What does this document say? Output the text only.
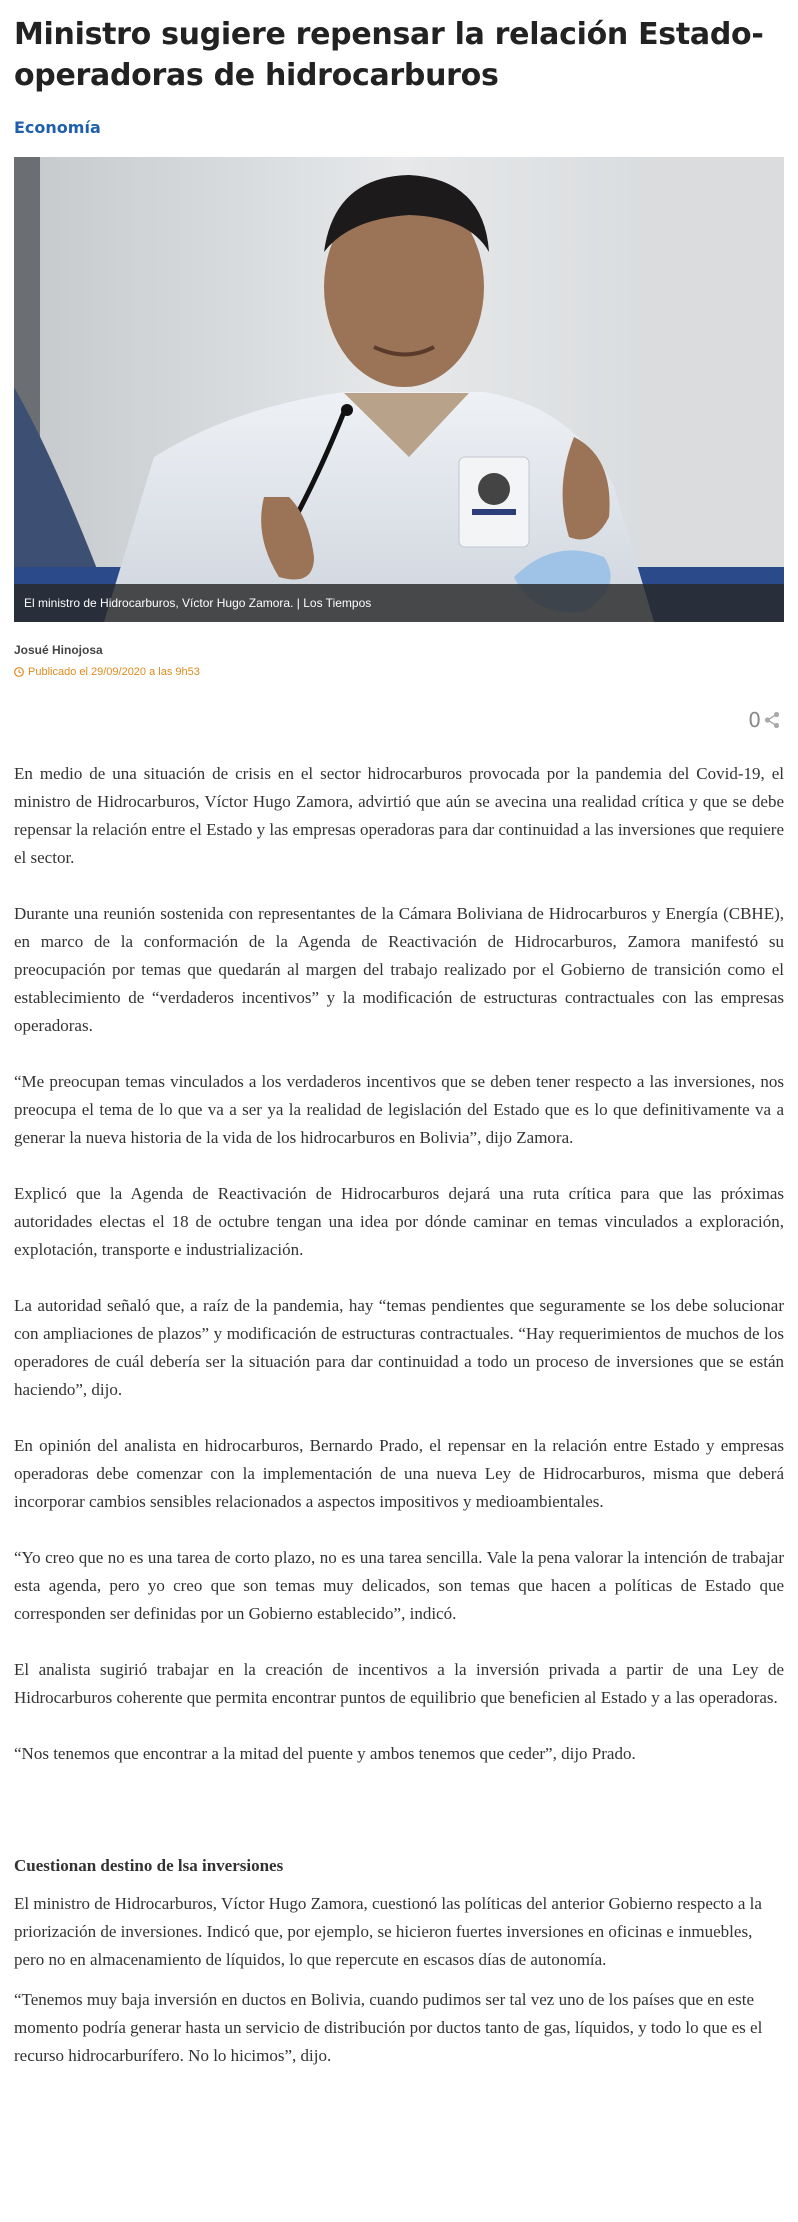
Ministro sugiere repensar la relación Estado-operadoras de hidrocarburos
Economía
El ministro de Hidrocarburos, Víctor Hugo Zamora. | Los Tiempos
Josué Hinojosa
Publicado el 29/09/2020 a las 9h53
0

En medio de una situación de crisis en el sector hidrocarburos provocada por la pandemia del Covid-19, el ministro de Hidrocarburos, Víctor Hugo Zamora, advirtió que aún se avecina una realidad crítica y que se debe repensar la relación entre el Estado y las empresas operadoras para dar continuidad a las inversiones que requiere el sector.

Durante una reunión sostenida con representantes de la Cámara Boliviana de Hidrocarburos y Energía (CBHE), en marco de la conformación de la Agenda de Reactivación de Hidrocarburos, Zamora manifestó su preocupación por temas que quedarán al margen del trabajo realizado por el Gobierno de transición como el establecimiento de “verdaderos incentivos” y la modificación de estructuras contractuales con las empresas operadoras.

“Me preocupan temas vinculados a los verdaderos incentivos que se deben tener respecto a las inversiones, nos preocupa el tema de lo que va a ser ya la realidad de legislación del Estado que es lo que definitivamente va a generar la nueva historia de la vida de los hidrocarburos en Bolivia”, dijo Zamora.

Explicó que la Agenda de Reactivación de Hidrocarburos dejará una ruta crítica para que las próximas autoridades electas el 18 de octubre tengan una idea por dónde caminar en temas vinculados a exploración, explotación, transporte e industrialización.

La autoridad señaló que, a raíz de la pandemia, hay “temas pendientes que seguramente se los debe solucionar con ampliaciones de plazos” y modificación de estructuras contractuales. “Hay requerimientos de muchos de los operadores de cuál debería ser la situación para dar continuidad a todo un proceso de inversiones que se están haciendo”, dijo.

En opinión del analista en hidrocarburos, Bernardo Prado, el repensar en la relación entre Estado y empresas operadoras debe comenzar con la implementación de una nueva Ley de Hidrocarburos, misma que deberá incorporar cambios sensibles relacionados a aspectos impositivos y medioambientales.

“Yo creo que no es una tarea de corto plazo, no es una tarea sencilla. Vale la pena valorar la intención de trabajar esta agenda, pero yo creo que son temas muy delicados, son temas que hacen a políticas de Estado que corresponden ser definidas por un Gobierno establecido”, indicó.

El analista sugirió trabajar en la creación de incentivos a la inversión privada a partir de una Ley de Hidrocarburos coherente que permita encontrar puntos de equilibrio que beneficien al Estado y a las operadoras.

“Nos tenemos que encontrar a la mitad del puente y ambos tenemos que ceder”, dijo Prado.

Cuestionan destino de lsa inversiones

El ministro de Hidrocarburos, Víctor Hugo Zamora, cuestionó las políticas del anterior Gobierno respecto a la priorización de inversiones. Indicó que, por ejemplo, se hicieron fuertes inversiones en oficinas e inmuebles, pero no en almacenamiento de líquidos, lo que repercute en escasos días de autonomía.

“Tenemos muy baja inversión en ductos en Bolivia, cuando pudimos ser tal vez uno de los países que en este momento podría generar hasta un servicio de distribución por ductos tanto de gas, líquidos, y todo lo que es el recurso hidrocarburífero. No lo hicimos”, dijo.
